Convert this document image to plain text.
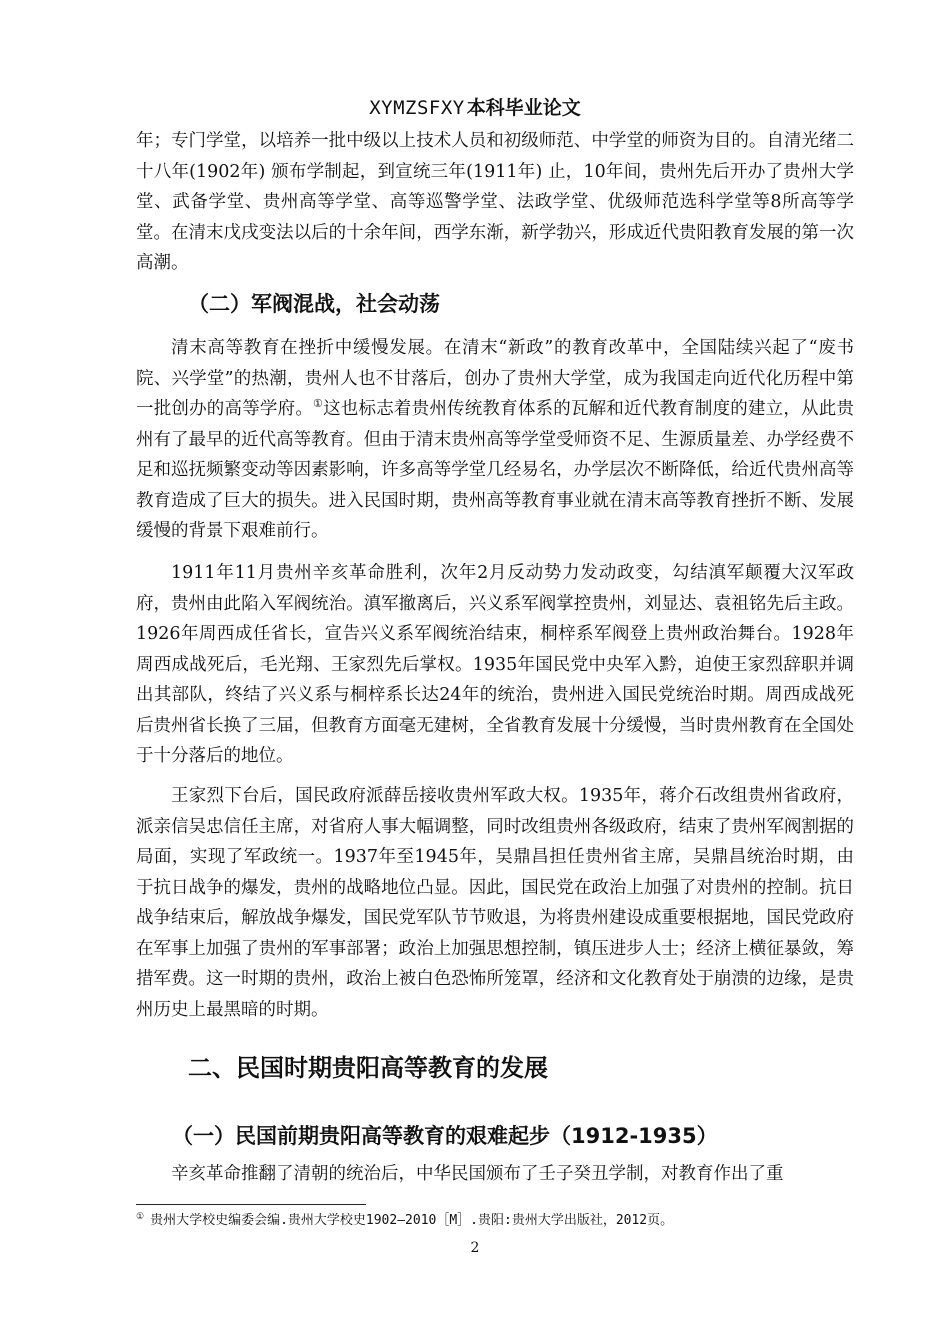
XYMZSFXY 本科毕业论文

年；专门学堂，以培养一批中级以上技术人员和初级师范、中学堂的师资为目的。自清光绪二十八年(1902年) 颁布学制起，到宣统三年(1911年) 止，10年间，贵州先后开办了贵州大学堂、武备学堂、贵州高等学堂、高等巡警学堂、法政学堂、优级师范选科学堂等8所高等学堂。在清末戊戌变法以后的十余年间，西学东渐，新学勃兴，形成近代贵阳教育发展的第一次高潮。

（二）军阀混战，社会动荡

清末高等教育在挫折中缓慢发展。在清末“新政”的教育改革中，全国陆续兴起了“废书院、兴学堂”的热潮，贵州人也不甘落后，创办了贵州大学堂，成为我国走向近代化历程中第一批创办的高等学府。①这也标志着贵州传统教育体系的瓦解和近代教育制度的建立，从此贵州有了最早的近代高等教育。但由于清末贵州高等学堂受师资不足、生源质量差、办学经费不足和巡抚频繁变动等因素影响，许多高等学堂几经易名，办学层次不断降低，给近代贵州高等教育造成了巨大的损失。进入民国时期，贵州高等教育事业就在清末高等教育挫折不断、发展缓慢的背景下艰难前行。

1911年11月贵州辛亥革命胜利，次年2月反动势力发动政变，勾结滇军颠覆大汉军政府，贵州由此陷入军阀统治。滇军撤离后，兴义系军阀掌控贵州，刘显达、袁祖铭先后主政。1926年周西成任省长，宣告兴义系军阀统治结束，桐梓系军阀登上贵州政治舞台。1928年周西成战死后，毛光翔、王家烈先后掌权。1935年国民党中央军入黔，迫使王家烈辞职并调出其部队，终结了兴义系与桐梓系长达24年的统治，贵州进入国民党统治时期。周西成战死后贵州省长换了三届，但教育方面毫无建树，全省教育发展十分缓慢，当时贵州教育在全国处于十分落后的地位。

王家烈下台后，国民政府派薛岳接收贵州军政大权。1935年，蒋介石改组贵州省政府，派亲信吴忠信任主席，对省府人事大幅调整，同时改组贵州各级政府，结束了贵州军阀割据的局面，实现了军政统一。1937年至1945年，吴鼎昌担任贵州省主席，吴鼎昌统治时期，由于抗日战争的爆发，贵州的战略地位凸显。因此，国民党在政治上加强了对贵州的控制。抗日战争结束后，解放战争爆发，国民党军队节节败退，为将贵州建设成重要根据地，国民党政府在军事上加强了贵州的军事部署；政治上加强思想控制，镇压进步人士；经济上横征暴敛，筹措军费。这一时期的贵州，政治上被白色恐怖所笼罩，经济和文化教育处于崩溃的边缘，是贵州历史上最黑暗的时期。

二、民国时期贵阳高等教育的发展
（一）民国前期贵阳高等教育的艰难起步（1912-1935）

辛亥革命推翻了清朝的统治后，中华民国颁布了壬子癸丑学制，对教育作出了重

① 贵州大学校史编委会编.贵州大学校史1902—2010［M］.贵阳:贵州大学出版社，2012页。
2
